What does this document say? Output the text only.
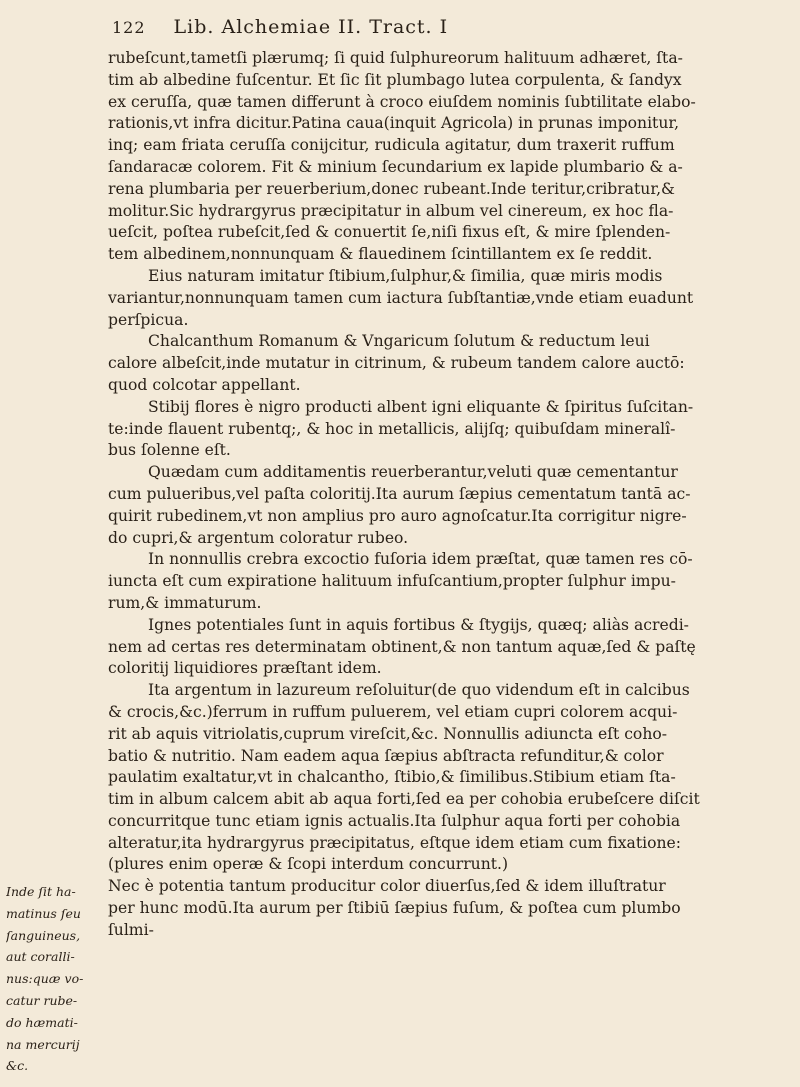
122 Lib. Alchemiae II. Tract. I

rubeſcunt,tametſi plærumq; ſi quid ſulphureorum halituum adhæret, ſta-
tim ab albedine fuſcentur. Et ſic ſit plumbago lutea corpulenta, & ſandyx
ex ceruſſa, quæ tamen differunt à croco eiuſdem nominis ſubtilitate elabo-
rationis,vt infra dicitur.Patina caua(inquit Agricola) in prunas imponitur,
inq; eam friata ceruſſa conijcitur, rudicula agitatur, dum traxerit ruffum
ſandaracæ colorem. Fit & minium ſecundarium ex lapide plumbario & a-
rena plumbaria per reuerberium,donec rubeant.Inde teritur,cribratur,&
molitur.Sic hydrargyrus præcipitatur in album vel cinereum, ex hoc fla-
ueſcit, poſtea rubeſcit,ſed & conuertit ſe,niſi fixus eſt, & mire ſplenden-
tem albedinem,nonnunquam & flauedinem ſcintillantem ex ſe reddit.

Eius naturam imitatur ſtibium,ſulphur,& ſimilia, quæ miris modis
variantur,nonnunquam tamen cum iactura ſubſtantiæ,vnde etiam euadunt
perſpicua.

Chalcanthum Romanum & Vngaricum ſolutum & reductum leui
calore albeſcit,inde mutatur in citrinum, & rubeum tandem calore auctō:
quod colcotar appellant.

Stibij flores è nigro producti albent igni eliquante & ſpiritus ſuſcitan-
te:inde flauent rubentq;, & hoc in metallicis, alijſq; quibuſdam mineralî-
bus ſolenne eſt.

Quædam cum additamentis reuerberantur,veluti quæ cementantur
cum pulueribus,vel paſta coloritij.Ita aurum ſæpius cementatum tantā ac-
quirit rubedinem,vt non amplius pro auro agnoſcatur.Ita corrigitur nigre-
do cupri,& argentum coloratur rubeo.

In nonnullis crebra excoctio fuſoria idem præſtat, quæ tamen res cō-
iuncta eſt cum expiratione halituum infuſcantium,propter ſulphur impu-
rum,& immaturum.

Ignes potentiales ſunt in aquis fortibus & ſtygijs, quæq; aliàs acredi-
nem ad certas res determinatam obtinent,& non tantum aquæ,ſed & paſtę
coloritij liquidiores præſtant idem.

Ita argentum in lazureum reſoluitur(de quo videndum eſt in calcibus
& crocis,&c.)ferrum in ruffum puluerem, vel etiam cupri colorem acqui-
rit ab aquis vitriolatis,cuprum vireſcit,&c. Nonnullis adiuncta eſt coho-
batio & nutritio. Nam eadem aqua ſæpius abſtracta refunditur,& color
paulatim exaltatur,vt in chalcantho, ſtibio,& ſimilibus.Stibium etiam ſta-
tim in album calcem abit ab aqua forti,ſed ea per cohobia erubeſcere diſcit
concurritque tunc etiam ignis actualis.Ita ſulphur aqua forti per cohobia
alteratur,ita hydrargyrus præcipitatus, eſtque idem etiam cum fixatione:
(plures enim operæ & ſcopi interdum concurrunt.)
Nec è potentia tantum producitur color diuerſus,ſed & idem illuſtratur
per hunc modū.Ita aurum per ſtibiū ſæpius fuſum, & poſtea cum plumbo
ſulmi-

Inde ſit ha-
matinus ſeu
ſanguineus,
aut coralli-
nus:quæ vo-
catur rube-
do hæmati-
na mercurij
&c.
